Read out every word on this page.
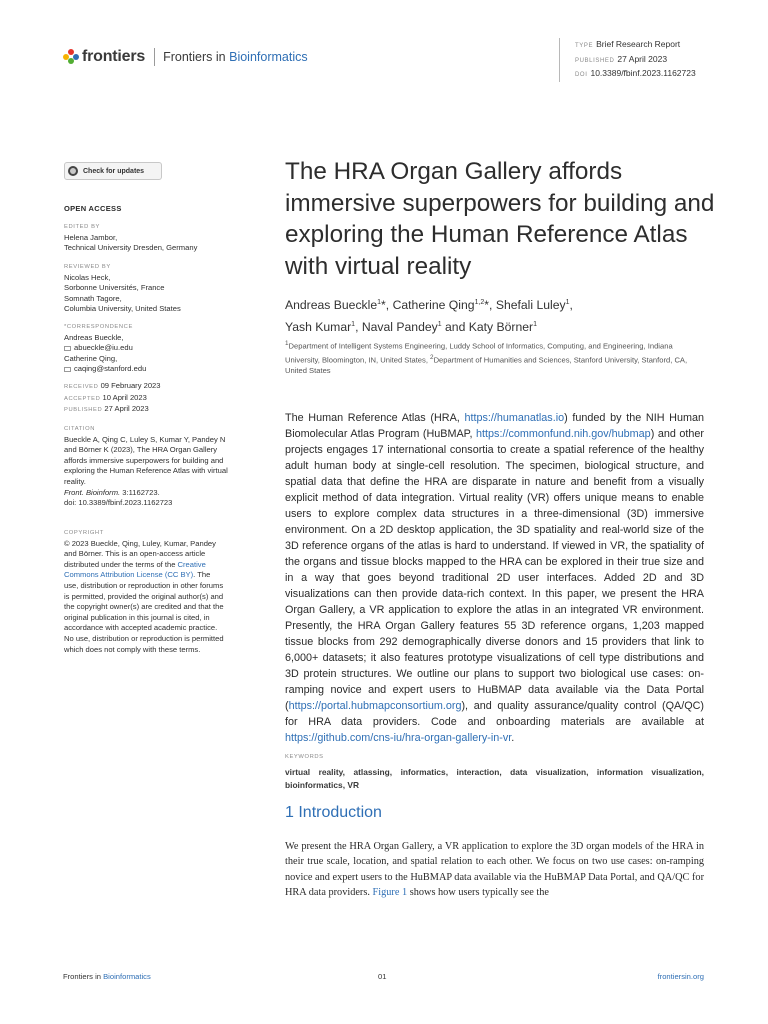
frontiers Frontiers in Bioinformatics
TYPE Brief Research Report
PUBLISHED 27 April 2023
DOI 10.3389/fbinf.2023.1162723
Check for updates
OPEN ACCESS
EDITED BY
Helena Jambor,
Technical University Dresden, Germany
REVIEWED BY
Nicolas Heck,
Sorbonne Universités, France
Somnath Tagore,
Columbia University, United States
*CORRESPONDENCE
Andreas Bueckle,
abueckle@iu.edu
Catherine Qing,
caqing@stanford.edu
RECEIVED 09 February 2023
ACCEPTED 10 April 2023
PUBLISHED 27 April 2023
CITATION
Bueckle A, Qing C, Luley S, Kumar Y, Pandey N and Börner K (2023), The HRA Organ Gallery affords immersive superpowers for building and exploring the Human Reference Atlas with virtual reality.
Front. Bioinform. 3:1162723.
doi: 10.3389/fbinf.2023.1162723
COPYRIGHT
© 2023 Bueckle, Qing, Luley, Kumar, Pandey and Börner. This is an open-access article distributed under the terms of the Creative Commons Attribution License (CC BY). The use, distribution or reproduction in other forums is permitted, provided the original author(s) and the copyright owner(s) are credited and that the original publication in this journal is cited, in accordance with accepted academic practice. No use, distribution or reproduction is permitted which does not comply with these terms.
The HRA Organ Gallery affords immersive superpowers for building and exploring the Human Reference Atlas with virtual reality
Andreas Bueckle$^1$*, Catherine Qing$^{1,2}$*, Shefali Luley$^1$,
Yash Kumar$^1$, Naval Pandey$^1$ and Katy Börner$^1$
$^1$Department of Intelligent Systems Engineering, Luddy School of Informatics, Computing, and Engineering, Indiana University, Bloomington, IN, United States, $^2$Department of Humanities and Sciences, Stanford University, Stanford, CA, United States

The Human Reference Atlas (HRA, https://humanatlas.io) funded by the NIH Human Biomolecular Atlas Program (HuBMAP, https://commonfund.nih.gov/hubmap) and other projects engages 17 international consortia to create a spatial reference of the healthy adult human body at single-cell resolution. The specimen, biological structure, and spatial data that define the HRA are disparate in nature and benefit from a visually explicit method of data integration. Virtual reality (VR) offers unique means to enable users to explore complex data structures in a three-dimensional (3D) immersive environment. On a 2D desktop application, the 3D spatiality and real-world size of the 3D reference organs of the atlas is hard to understand. If viewed in VR, the spatiality of the organs and tissue blocks mapped to the HRA can be explored in their true size and in a way that goes beyond traditional 2D user interfaces. Added 2D and 3D visualizations can then provide data-rich context. In this paper, we present the HRA Organ Gallery, a VR application to explore the atlas in an integrated VR environment. Presently, the HRA Organ Gallery features 55 3D reference organs, 1,203 mapped tissue blocks from 292 demographically diverse donors and 15 providers that link to 6,000+ datasets; it also features prototype visualizations of cell type distributions and 3D protein structures. We outline our plans to support two biological use cases: on-ramping novice and expert users to HuBMAP data available via the Data Portal (https://portal.hubmapconsortium.org), and quality assurance/quality control (QA/QC) for HRA data providers. Code and onboarding materials are available at https://github.com/cns-iu/hra-organ-gallery-in-vr.

KEYWORDS
virtual reality, atlassing, informatics, interaction, data visualization, information visualization, bioinformatics, VR
1 Introduction

We present the HRA Organ Gallery, a VR application to explore the 3D organ models of the HRA in their true scale, location, and spatial relation to each other. We focus on two use cases: on-ramping novice and expert users to the HuBMAP data available via the HuBMAP Data Portal, and QA/QC for HRA data providers. Figure 1 shows how users typically see the

Frontiers in Bioinformatics	01	frontiersin.org
